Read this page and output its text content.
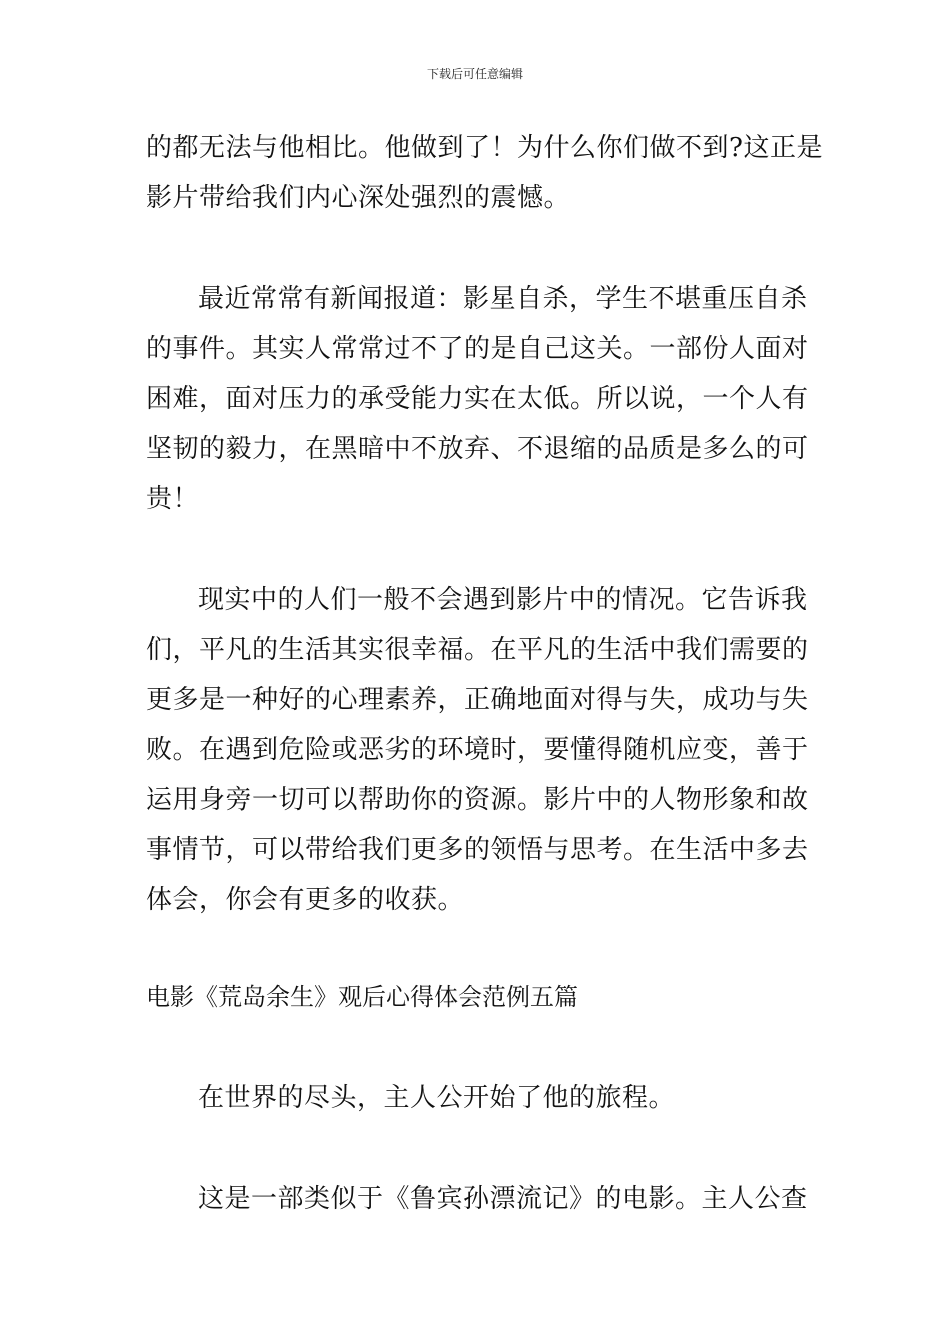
下载后可任意编辑
的都无法与他相比。他做到了！为什么你们做不到?这正是
影片带给我们内心深处强烈的震憾。
最近常常有新闻报道：影星自杀，学生不堪重压自杀
的事件。其实人常常过不了的是自己这关。一部份人面对
困难，面对压力的承受能力实在太低。所以说，一个人有
坚韧的毅力，在黑暗中不放弃、不退缩的品质是多么的可
贵！
现实中的人们一般不会遇到影片中的情况。它告诉我
们，平凡的生活其实很幸福。在平凡的生活中我们需要的
更多是一种好的心理素养，正确地面对得与失，成功与失
败。在遇到危险或恶劣的环境时，要懂得随机应变，善于
运用身旁一切可以帮助你的资源。影片中的人物形象和故
事情节，可以带给我们更多的领悟与思考。在生活中多去
体会，你会有更多的收获。
电影《荒岛余生》观后心得体会范例五篇
在世界的尽头，主人公开始了他的旅程。
这是一部类似于《鲁宾孙漂流记》的电影。主人公查
